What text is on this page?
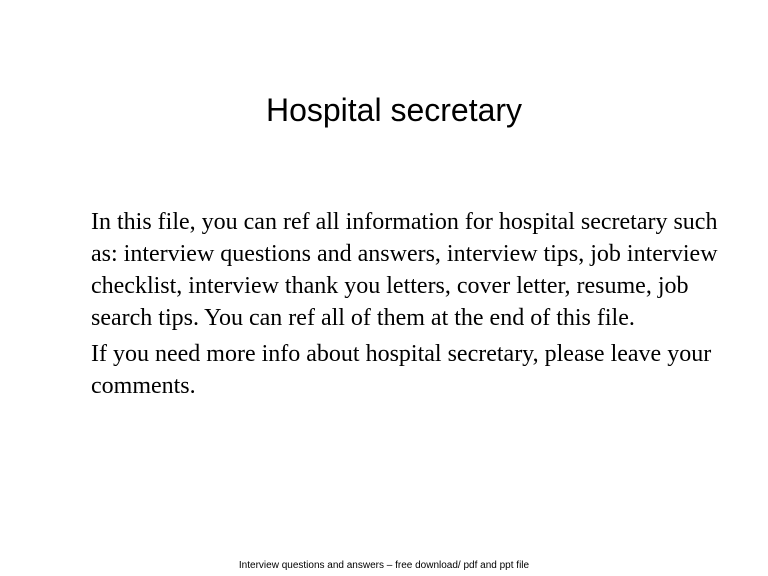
Hospital secretary

In this file, you can ref all information for hospital secretary such as: interview questions and answers, interview tips, job interview checklist, interview thank you letters, cover letter, resume, job search tips. You can ref all of them at the end of this file.

If you need more info about hospital secretary, please leave your comments.

Interview questions and answers – free download/ pdf and ppt file
